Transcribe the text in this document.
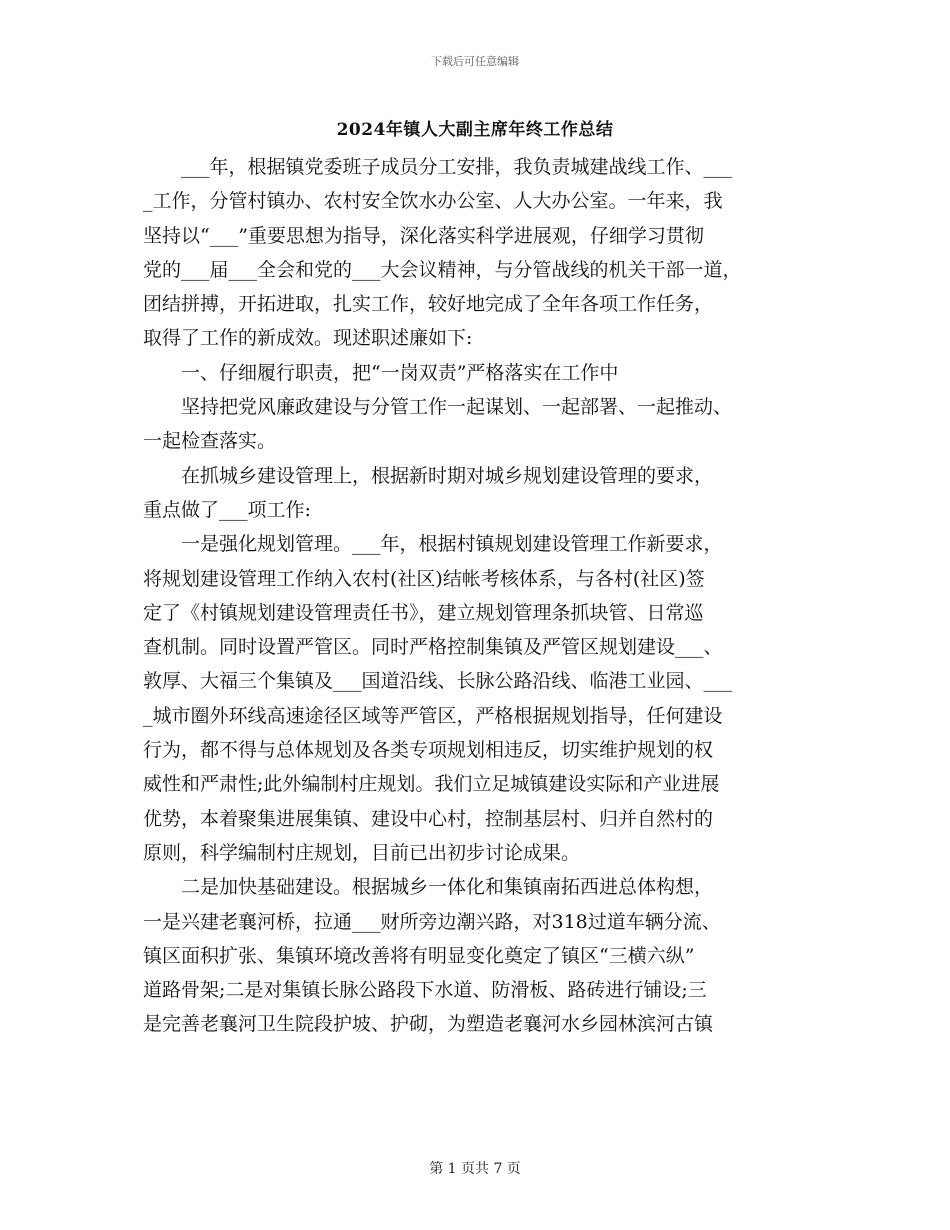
下载后可任意编辑
2024年镇人大副主席年终工作总结
　　___年，根据镇党委班子成员分工安排，我负责城建战线工作、___
_工作，分管村镇办、农村安全饮水办公室、人大办公室。一年来，我
坚持以“___”重要思想为指导，深化落实科学进展观，仔细学习贯彻
党的___届___全会和党的___大会议精神，与分管战线的机关干部一道，
团结拼搏，开拓进取，扎实工作，较好地完成了全年各项工作任务，
取得了工作的新成效。现述职述廉如下:
　　一、仔细履行职责，把“一岗双责”严格落实在工作中
　　坚持把党风廉政建设与分管工作一起谋划、一起部署、一起推动、
一起检查落实。
　　在抓城乡建设管理上，根据新时期对城乡规划建设管理的要求，
重点做了___项工作:
　　一是强化规划管理。___年，根据村镇规划建设管理工作新要求，
将规划建设管理工作纳入农村(社区)结帐考核体系，与各村(社区)签
定了《村镇规划建设管理责任书》，建立规划管理条抓块管、日常巡
查机制。同时设置严管区。同时严格控制集镇及严管区规划建设___、
敦厚、大福三个集镇及___国道沿线、长脉公路沿线、临港工业园、___
_城市圈外环线高速途径区域等严管区，严格根据规划指导，任何建设
行为，都不得与总体规划及各类专项规划相违反，切实维护规划的权
威性和严肃性;此外编制村庄规划。我们立足城镇建设实际和产业进展
优势，本着聚集进展集镇、建设中心村，控制基层村、归并自然村的
原则，科学编制村庄规划，目前已出初步讨论成果。
　　二是加快基础建设。根据城乡一体化和集镇南拓西进总体构想，
一是兴建老襄河桥，拉通___财所旁边潮兴路，对318过道车辆分流、
镇区面积扩张、集镇环境改善将有明显变化奠定了镇区“三横六纵”
道路骨架;二是对集镇长脉公路段下水道、防滑板、路砖进行铺设;三
是完善老襄河卫生院段护坡、护砌，为塑造老襄河水乡园林滨河古镇
第 1 页共 7 页
